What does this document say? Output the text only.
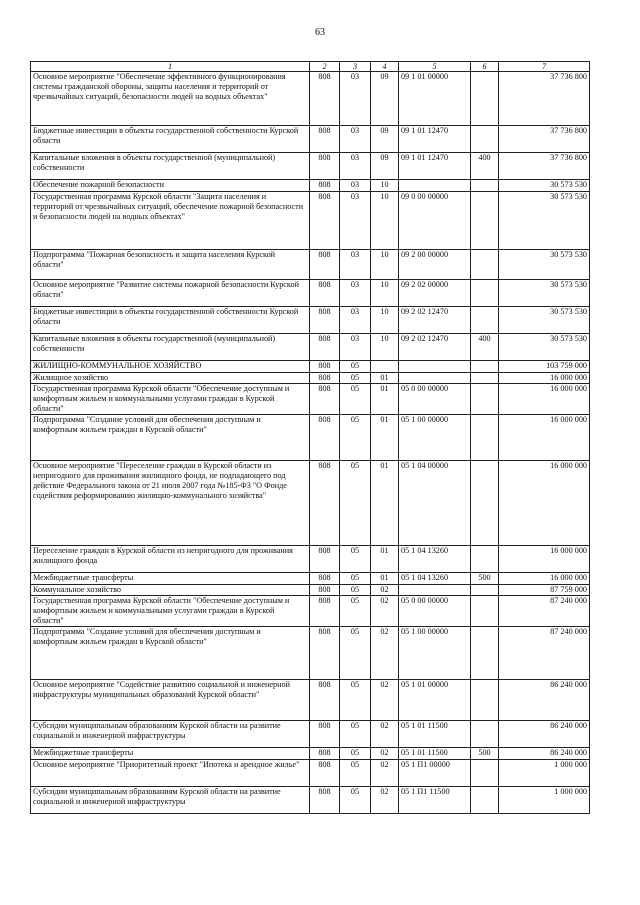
63
1	2	3	4	5	6	7
Основное мероприятие "Обеспечение эффективного функционирования системы гражданской обороны, защиты населения и территорий от чрезвычайных ситуаций, безопасности людей на водных объектах"	808	03	09	09 1 01 00000		37 736 800
Бюджетные инвестиции в объекты государственной собственности Курской области	808	03	09	09 1 01 12470		37 736 800
Капитальные вложения в объекты государственной (муниципальной) собственности	808	03	09	09 1 01 12470	400	37 736 800
Обеспечение пожарной безопасности	808	03	10			30 573 530
Государственная программа Курской области "Защита населения и территорий от чрезвычайных ситуаций, обеспечение пожарной безопасности и безопасности людей на водных объектах"	808	03	10	09 0 00 00000		30 573 530
Подпрограмма "Пожарная безопасность и защита населения Курской области"	808	03	10	09 2 00 00000		30 573 530
Основное мероприятие "Развитие системы пожарной безопасности Курской области"	808	03	10	09 2 02 00000		30 573 530
Бюджетные инвестиции в объекты государственной собственности Курской области	808	03	10	09 2 02 12470		30 573 530
Капитальные вложения в объекты государственной (муниципальной) собственности	808	03	10	09 2 02 12470	400	30 573 530
ЖИЛИЩНО-КОММУНАЛЬНОЕ ХОЗЯЙСТВО	808	05				103 759 000
Жилищное хозяйство	808	05	01			16 000 000
Государственная программа Курской области "Обеспечение доступным и комфортным жильем и коммунальными услугами граждан в Курской области"	808	05	01	05 0 00 00000		16 000 000
Подпрограмма "Создание условий для обеспечения доступным и комфортным жильем граждан в Курской области"	808	05	01	05 1 00 00000		16 000 000
Основное мероприятие "Переселение граждан в Курской области из непригодного для проживания жилищного фонда, не подпадающего под действие Федерального закона от 21 июля 2007 года №185-ФЗ "О Фонде содействия реформированию жилищно-коммунального хозяйства"	808	05	01	05 1 04 00000		16 000 000
Переселение граждан в Курской области из непригодного для проживания жилищного фонда	808	05	01	05 1 04 13260		16 000 000
Межбюджетные трансферты	808	05	01	05 1 04 13260	500	16 000 000
Коммунальное хозяйство	808	05	02			87 759 000
Государственная программа Курской области "Обеспечение доступным и комфортным жильем и коммунальными услугами граждан в Курской области"	808	05	02	05 0 00 00000		87 240 000
Подпрограмма "Создание условий для обеспечения доступным и комфортным жильем граждан в Курской области"	808	05	02	05 1 00 00000		87 240 000
Основное мероприятие "Содействие развитию социальной и инженерной инфраструктуры муниципальных образований Курской области"	808	05	02	05 1 01 00000		86 240 000
Субсидии муниципальным образованиям Курской области на развитие социальной и инженерной инфраструктуры	808	05	02	05 1 01 11500		86 240 000
Межбюджетные трансферты	808	05	02	05 1 01 11500	500	86 240 000
Основное мероприятие "Приоритетный проект "Ипотека и арендное жилье"	808	05	02	05 1 П1 00000		1 000 000
Субсидии муниципальным образованиям Курской области на развитие социальной и инженерной инфраструктуры	808	05	02	05 1 П1 11500		1 000 000
